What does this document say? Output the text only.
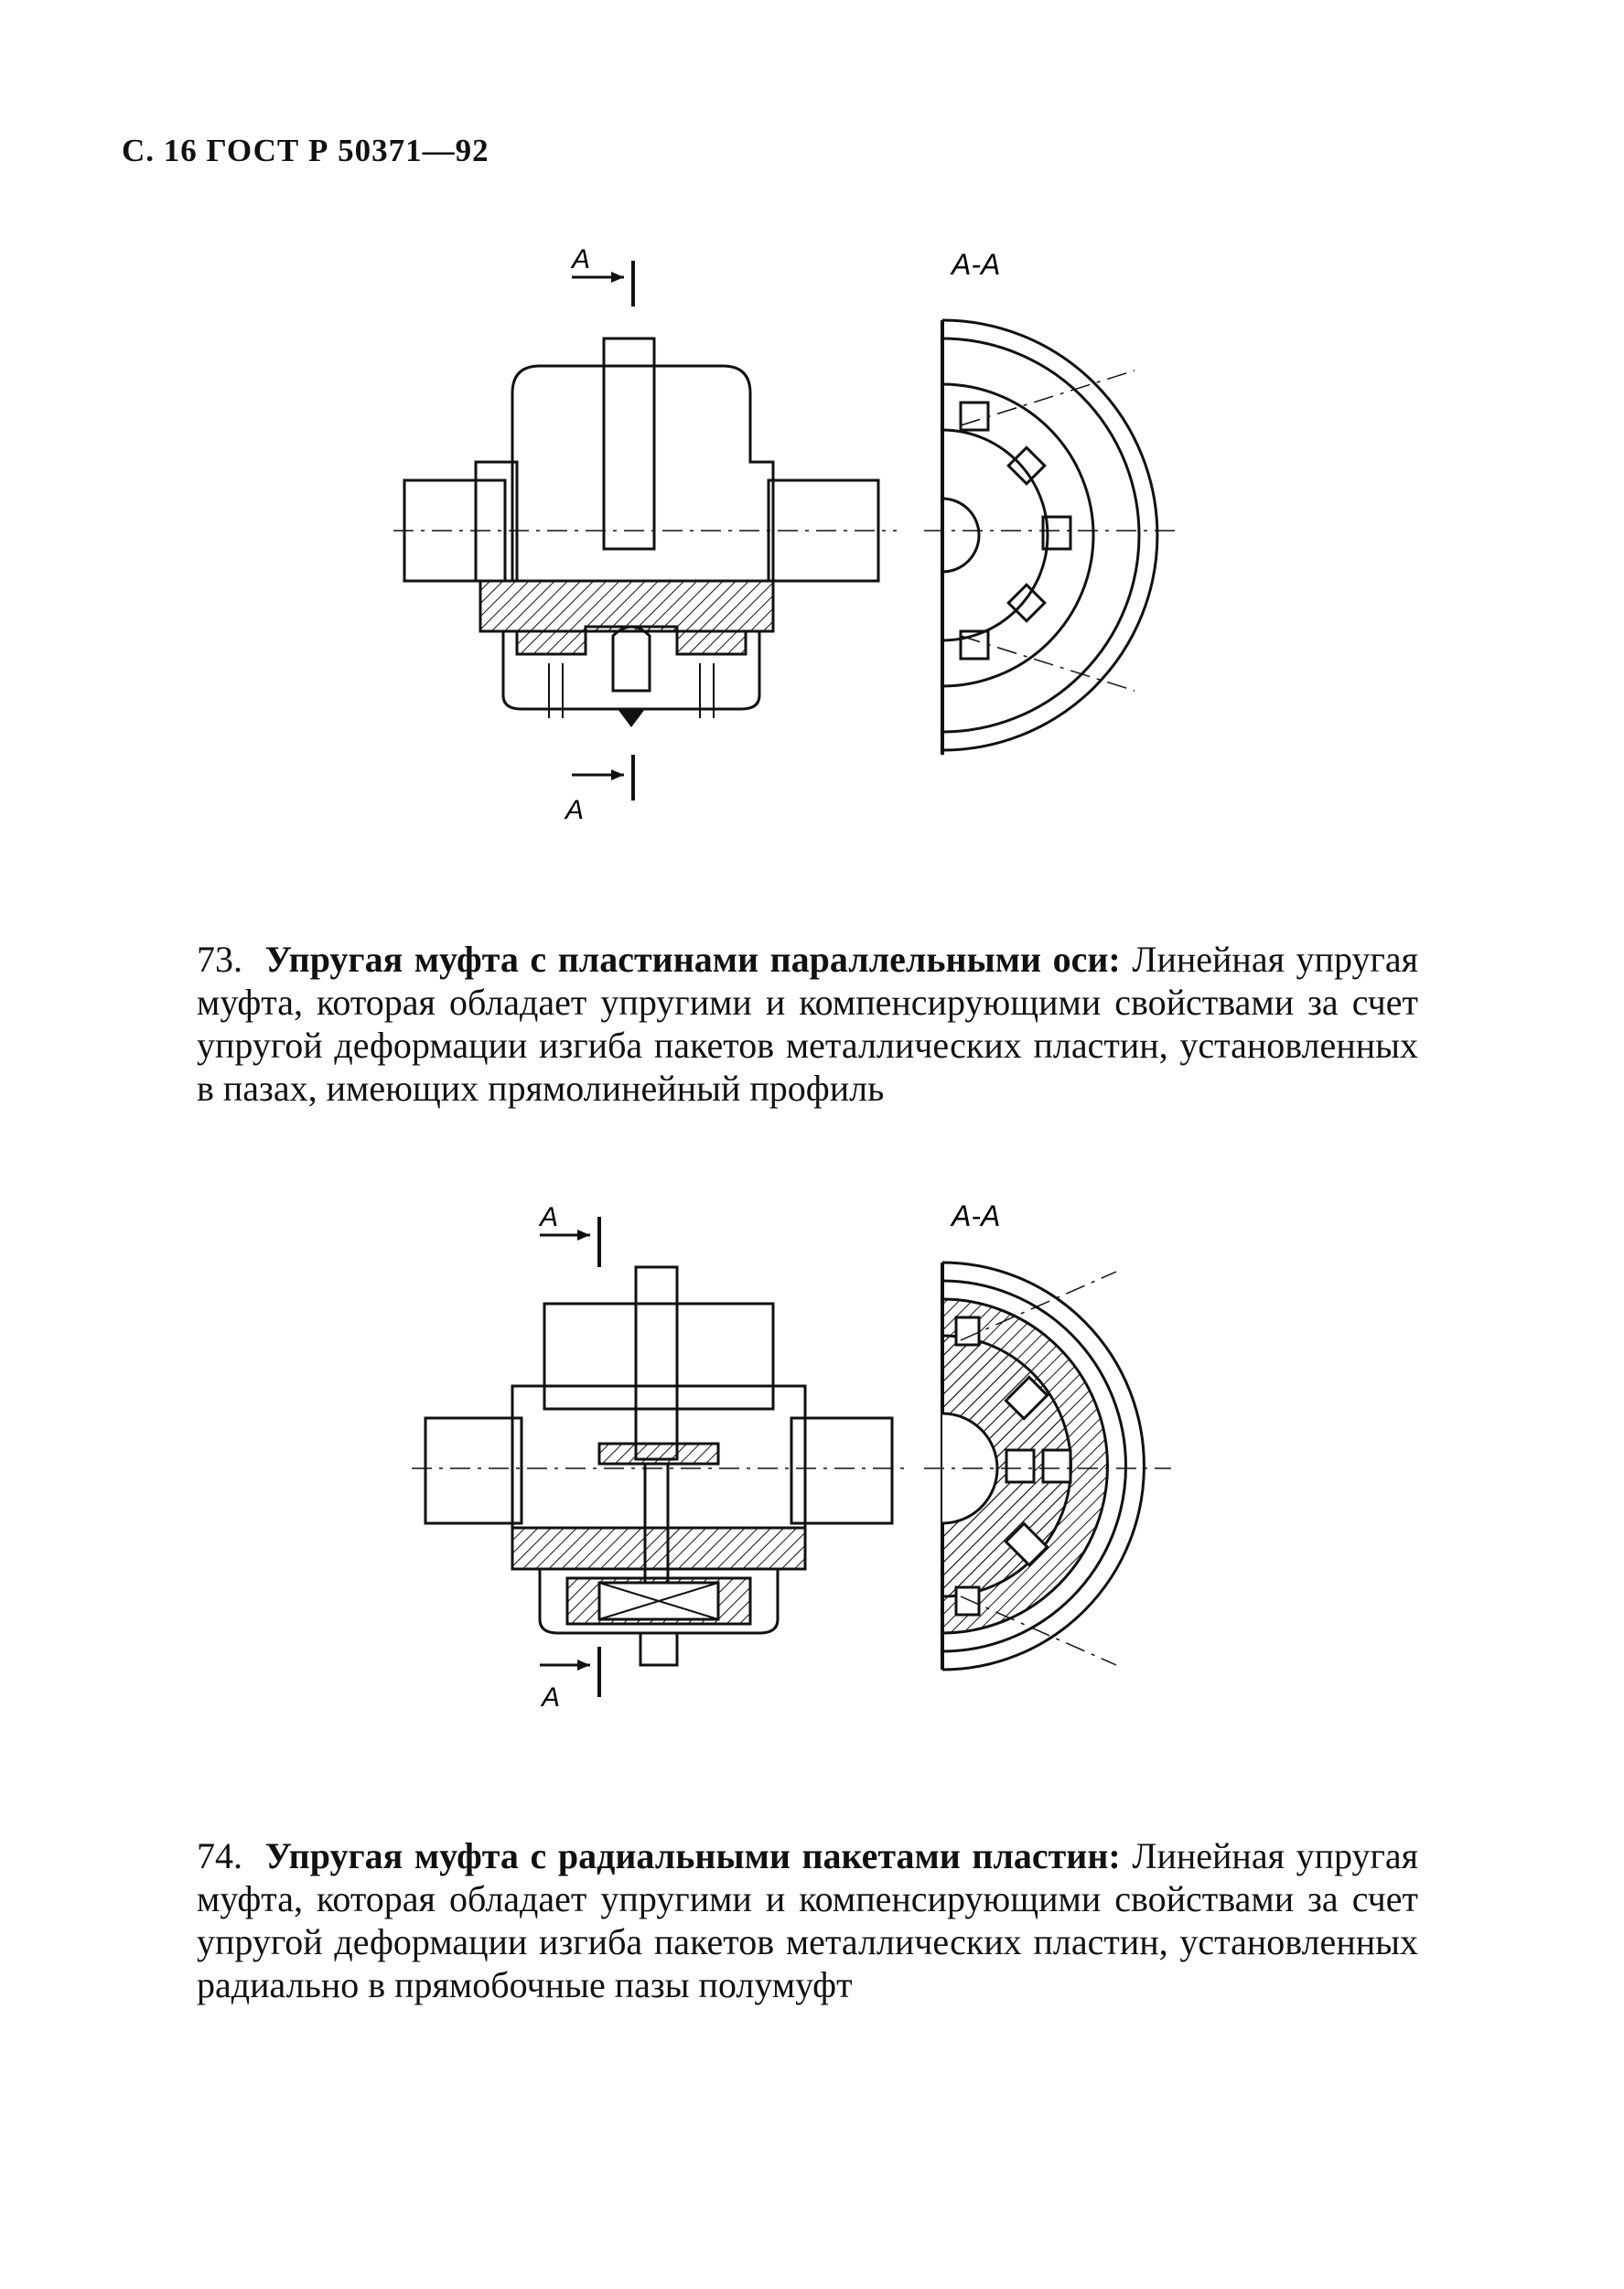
С. 16 ГОСТ Р 50371—92
А
А
А-А

73. Упругая муфта с пластинами параллельными оси: Линейная упругая муфта, которая обладает упругими и компенсирующими свойствами за счет упругой деформации изгиба пакетов металлических пластин, установленных в пазах, имеющих прямолинейный профиль

А
А
А-А

74. Упругая муфта с радиальными пакетами пластин: Линейная упругая муфта, которая обладает упругими и компенсирующими свойствами за счет упругой деформации изгиба пакетов металлических пластин, установленных радиально в прямобочные пазы полумуфт
